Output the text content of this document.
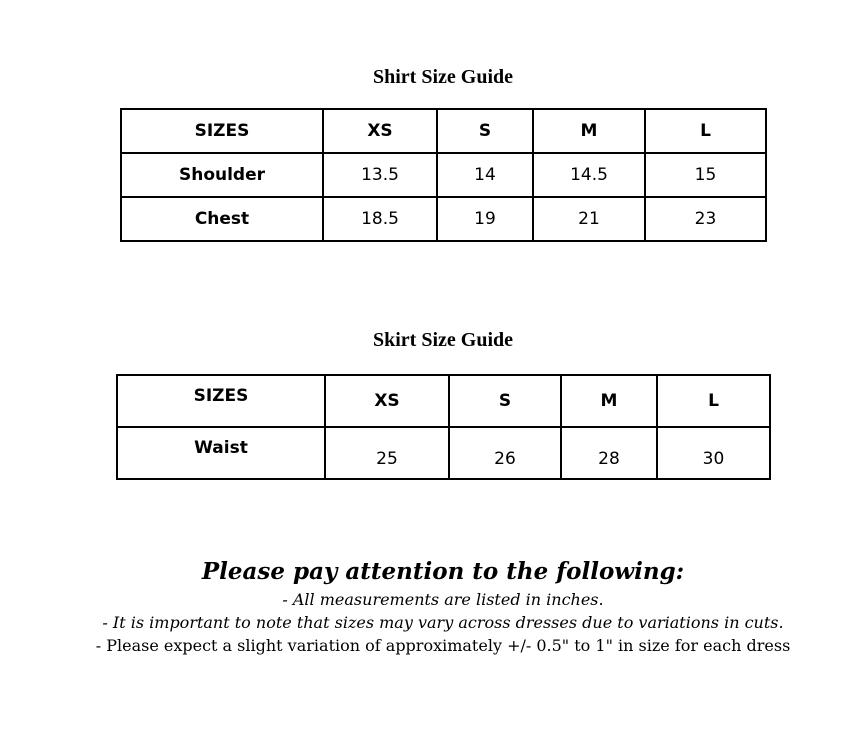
Shirt Size Guide
SIZES	XS	S	M	L
Shoulder	13.5	14	14.5	15
Chest	18.5	19	21	23
Skirt Size Guide
SIZES	XS	S	M	L
Waist	25	26	28	30

Please pay attention to the following:

- All measurements are listed in inches.

- It is important to note that sizes may vary across dresses due to variations in cuts.

- Please expect a slight variation of approximately +/- 0.5" to 1" in size for each dress
